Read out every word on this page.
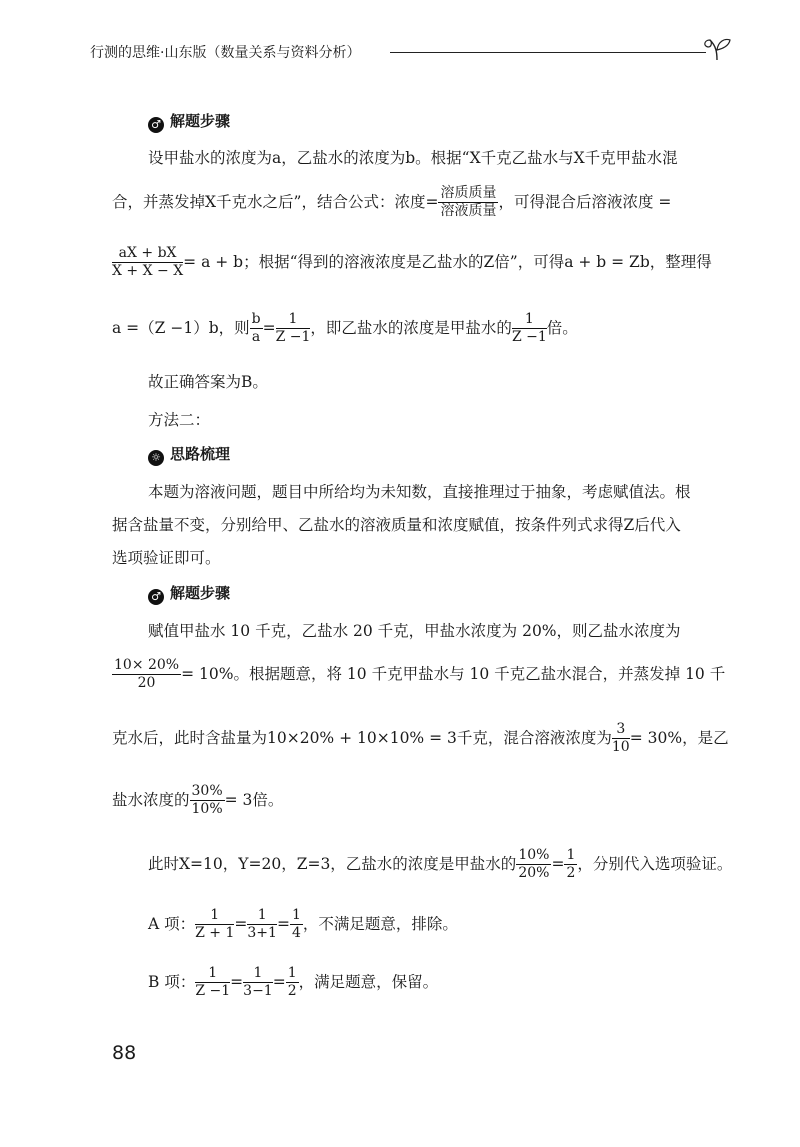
行测的思维·山东版（数量关系与资料分析）
♂ 解题步骤
设甲盐水的浓度为a，乙盐水的浓度为b。根据“X千克乙盐水与X千克甲盐水混
合，并蒸发掉X千克水之后”，结合公式：浓度= $\frac{\text{溶质质量}}{\text{溶液质量}}$ ，可得混合后溶液浓度 =
$\frac{aX + bX}{X + X - X} = a + b$；根据“得到的溶液浓度是乙盐水的Z倍”，可得a + b = Zb，整理得
a =（Z −1）b，则 $\frac{b}{a} = \frac{1}{Z -1}$ ，即乙盐水的浓度是甲盐水的 $\frac{1}{Z -1}$ 倍。
故正确答案为B。
方法二：
☼ 思路梳理
本题为溶液问题，题目中所给均为未知数，直接推理过于抽象，考虑赋值法。根
据含盐量不变，分别给甲、乙盐水的溶液质量和浓度赋值，按条件列式求得Z后代入
选项验证即可。
♂ 解题步骤
赋值甲盐水 10 千克，乙盐水 20 千克，甲盐水浓度为 20%，则乙盐水浓度为
$\frac{10\times 20\%}{20} = 10\%$。根据题意，将 10 千克甲盐水与 10 千克乙盐水混合，并蒸发掉 10 千
克水后，此时含盐量为10×20% + 10×10% = 3千克，混合溶液浓度为 $\frac{3}{10} = 30\%$，是乙
盐水浓度的 $\frac{30\%}{10\%} = 3$倍。
此时X=10，Y=20，Z=3，乙盐水的浓度是甲盐水的 $\frac{10\%}{20\%} = \frac{1}{2}$ ，分别代入选项验证。
A 项： $\frac{1}{Z + 1} = \frac{1}{3+1} = \frac{1}{4}$ ，不满足题意，排除。
B 项： $\frac{1}{Z -1} = \frac{1}{3-1} = \frac{1}{2}$ ，满足题意，保留。
88
